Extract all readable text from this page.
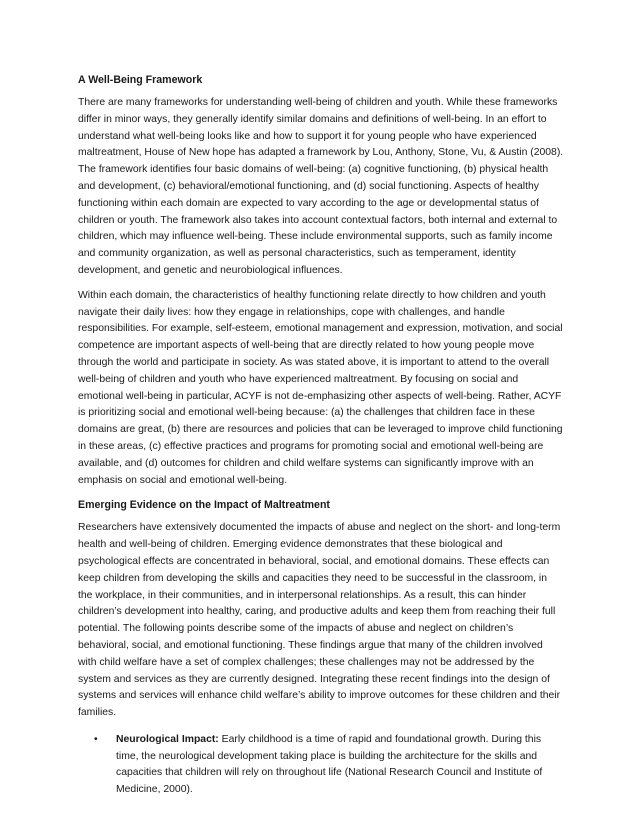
A Well-Being Framework

There are many frameworks for understanding well-being of children and youth. While these frameworks differ in minor ways, they generally identify similar domains and definitions of well-being. In an effort to understand what well-being looks like and how to support it for young people who have experienced maltreatment, House of New hope has adapted a framework by Lou, Anthony, Stone, Vu, & Austin (2008). The framework identifies four basic domains of well-being: (a) cognitive functioning, (b) physical health and development, (c) behavioral/emotional functioning, and (d) social functioning. Aspects of healthy functioning within each domain are expected to vary according to the age or developmental status of children or youth. The framework also takes into account contextual factors, both internal and external to children, which may influence well-being. These include environmental supports, such as family income and community organization, as well as personal characteristics, such as temperament, identity development, and genetic and neurobiological influences.

Within each domain, the characteristics of healthy functioning relate directly to how children and youth navigate their daily lives: how they engage in relationships, cope with challenges, and handle responsibilities. For example, self-esteem, emotional management and expression, motivation, and social competence are important aspects of well-being that are directly related to how young people move through the world and participate in society. As was stated above, it is important to attend to the overall well-being of children and youth who have experienced maltreatment. By focusing on social and emotional well-being in particular, ACYF is not de-emphasizing other aspects of well-being. Rather, ACYF is prioritizing social and emotional well-being because: (a) the challenges that children face in these domains are great, (b) there are resources and policies that can be leveraged to improve child functioning in these areas, (c) effective practices and programs for promoting social and emotional well-being are available, and (d) outcomes for children and child welfare systems can significantly improve with an emphasis on social and emotional well-being.

Emerging Evidence on the Impact of Maltreatment

Researchers have extensively documented the impacts of abuse and neglect on the short- and long-term health and well-being of children. Emerging evidence demonstrates that these biological and psychological effects are concentrated in behavioral, social, and emotional domains. These effects can keep children from developing the skills and capacities they need to be successful in the classroom, in the workplace, in their communities, and in interpersonal relationships. As a result, this can hinder children’s development into healthy, caring, and productive adults and keep them from reaching their full potential. The following points describe some of the impacts of abuse and neglect on children’s behavioral, social, and emotional functioning. These findings argue that many of the children involved with child welfare have a set of complex challenges; these challenges may not be addressed by the system and services as they are currently designed. Integrating these recent findings into the design of systems and services will enhance child welfare’s ability to improve outcomes for these children and their families.

• Neurological Impact: Early childhood is a time of rapid and foundational growth. During this time, the neurological development taking place is building the architecture for the skills and capacities that children will rely on throughout life (National Research Council and Institute of Medicine, 2000).
